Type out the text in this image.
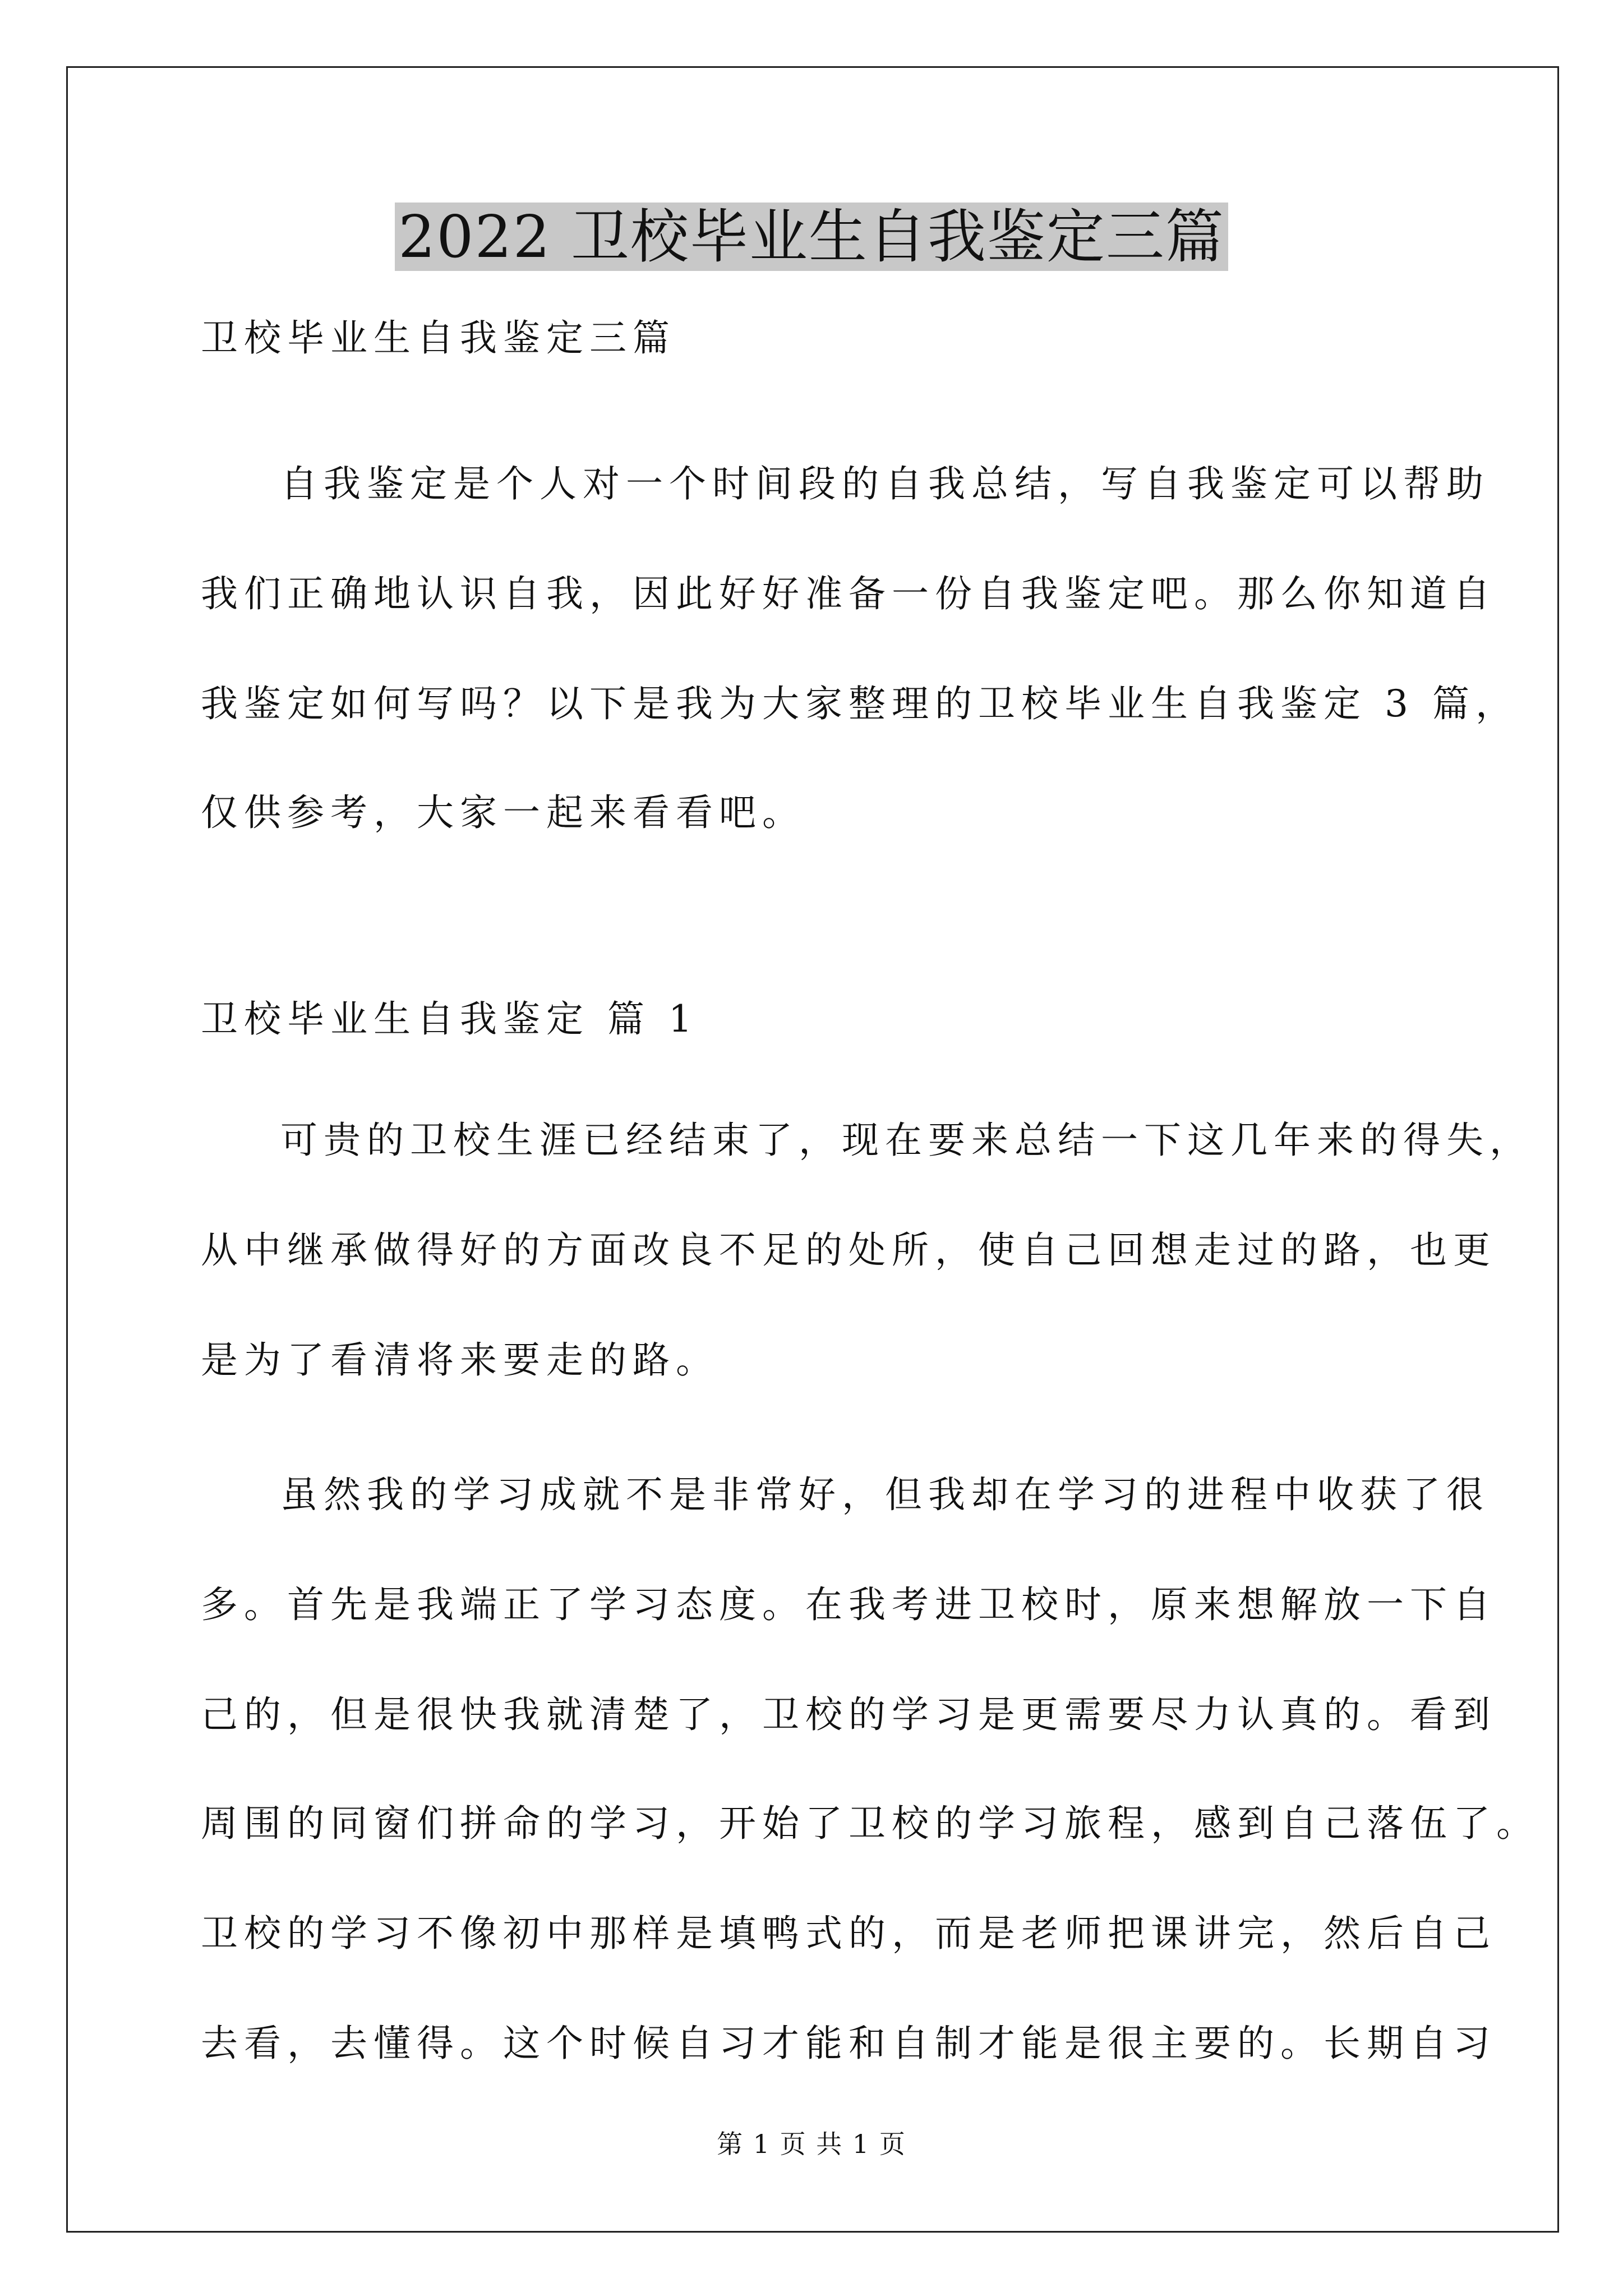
2022 卫校毕业生自我鉴定三篇
卫校毕业生自我鉴定三篇
自我鉴定是个人对一个时间段的自我总结，写自我鉴定可以帮助
我们正确地认识自我，因此好好准备一份自我鉴定吧。那么你知道自
我鉴定如何写吗？以下是我为大家整理的卫校毕业生自我鉴定 3 篇，
仅供参考，大家一起来看看吧。
卫校毕业生自我鉴定 篇 1
可贵的卫校生涯已经结束了，现在要来总结一下这几年来的得失，
从中继承做得好的方面改良不足的处所，使自己回想走过的路，也更
是为了看清将来要走的路。
虽然我的学习成就不是非常好，但我却在学习的进程中收获了很
多。首先是我端正了学习态度。在我考进卫校时，原来想解放一下自
己的，但是很快我就清楚了，卫校的学习是更需要尽力认真的。看到
周围的同窗们拼命的学习，开始了卫校的学习旅程，感到自己落伍了。
卫校的学习不像初中那样是填鸭式的，而是老师把课讲完，然后自己
去看，去懂得。这个时候自习才能和自制才能是很主要的。长期自习
第 1 页 共 1 页
